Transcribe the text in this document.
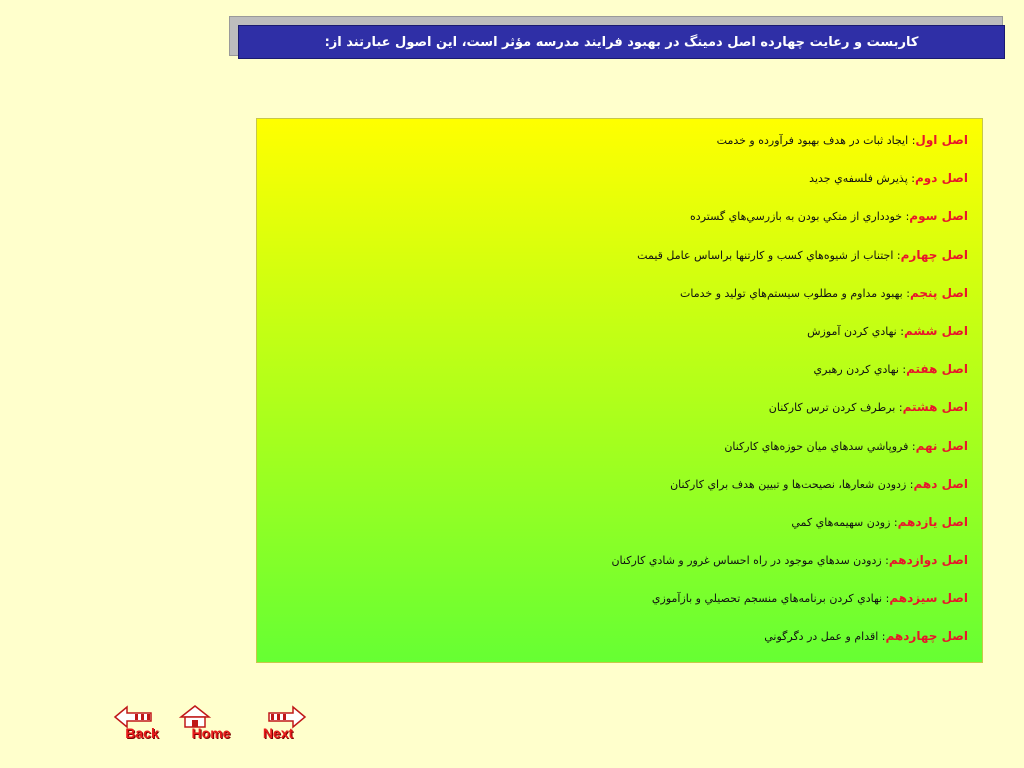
کاربست و رعایت چهارده اصل دمینگ در بهبود فرایند مدرسه مؤثر است، این اصول عبارتند از:
اصل اول: ايجاد ثبات در هدف بهبود فرآورده و خدمت
اصل دوم: پذيرش فلسفه‌ي جديد
اصل سوم: خودداري از متكي بودن به بازرسي‌هاي گسترده
اصل چهارم: اجتناب از شيوه‌هاي كسب و كارتنها براساس عامل قيمت
اصل پنجم: بهبود مداوم و مطلوب سيستم‌هاي توليد و خدمات
اصل ششم: نهادي كردن آموزش
اصل هفتم: نهادي كردن رهبري
اصل هشتم: برطرف كردن ترس كاركنان
اصل نهم: فروپاشي سدهاي ميان حوزه‌هاي كاركنان
اصل دهم: زدودن شعارها، نصيحت‌ها و تبيين هدف براي كاركنان
اصل یازدهم: زودن سهيمه‌هاي كمي
اصل دوازدهم: زدودن سدهاي موجود در راه احساس غرور و شادي كاركنان
اصل سیزدهم: نهادي كردن برنامه‌هاي منسجم تحصيلي و بازآموزي
اصل چهاردهم: اقدام و عمل در دگرگوني
Back	Home	Next
